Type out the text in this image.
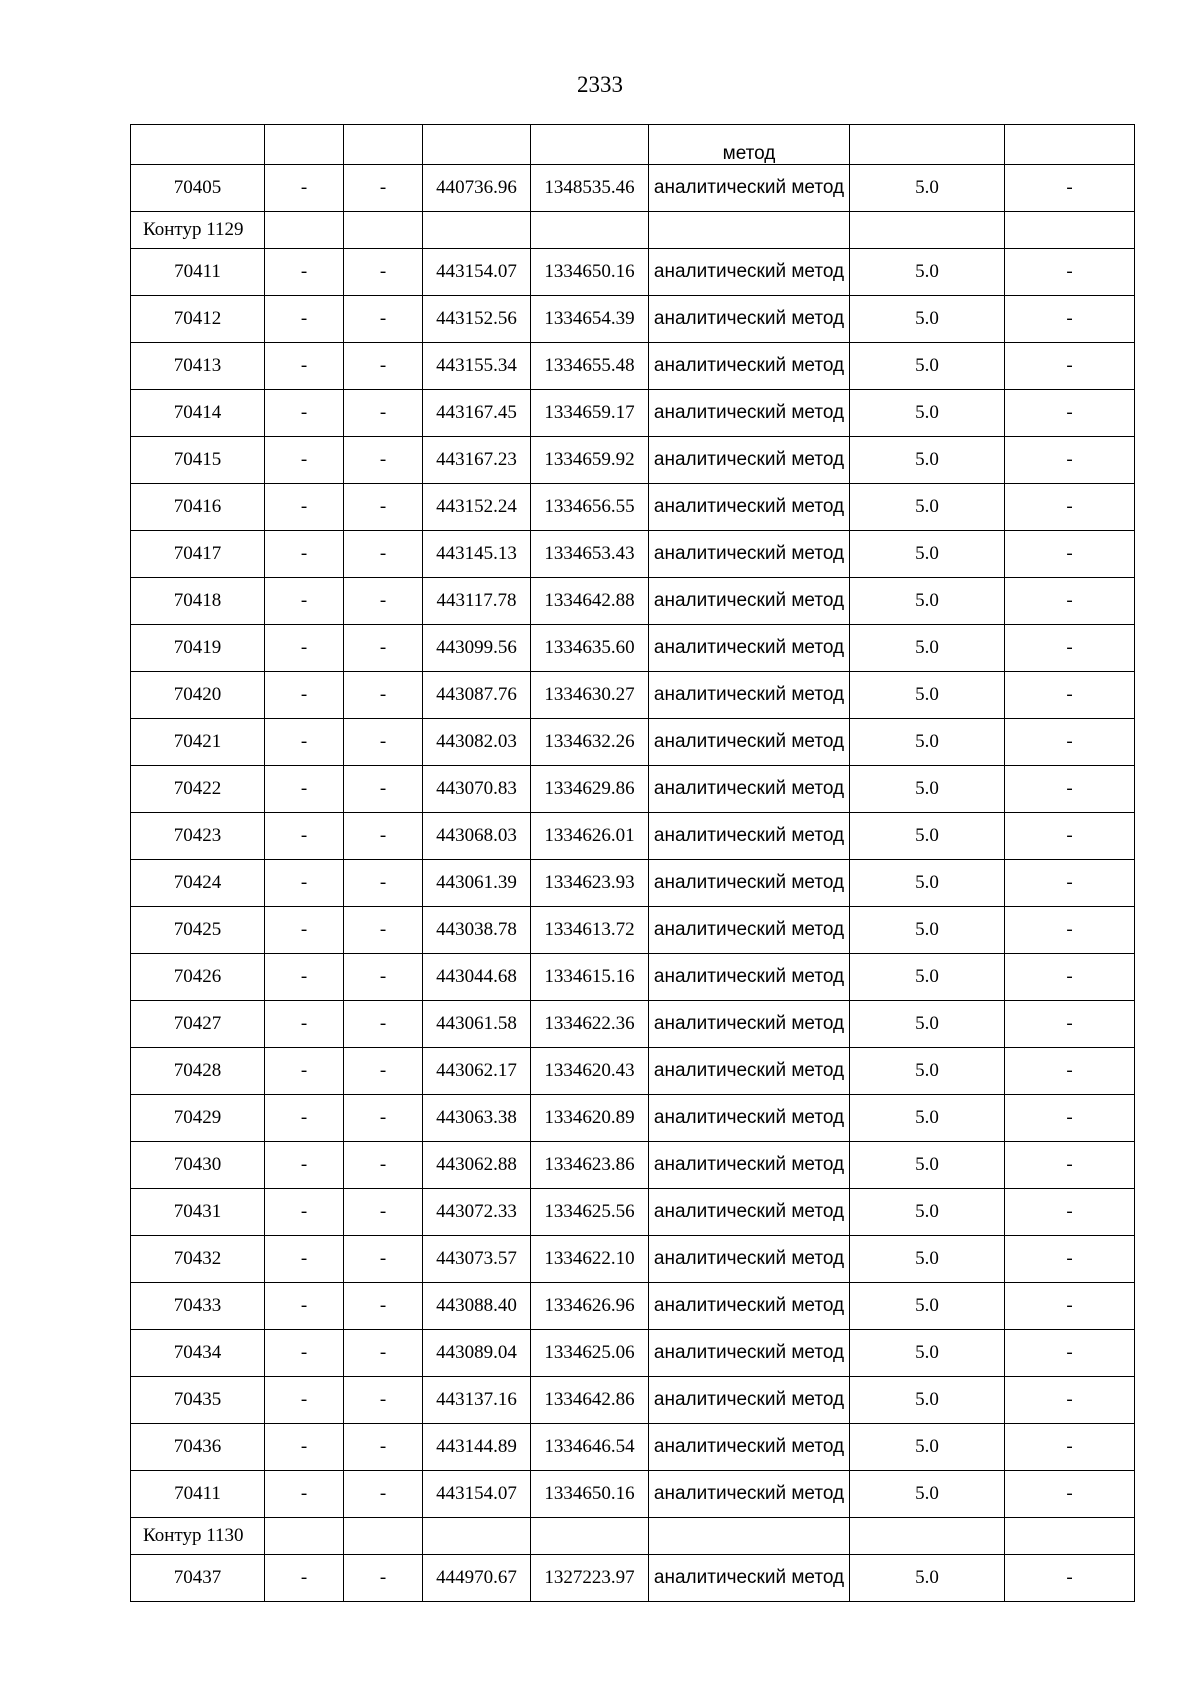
2333
					метод		
70405	-	-	440736.96	1348535.46	аналитический метод	5.0	-
Контур 1129							
70411	-	-	443154.07	1334650.16	аналитический метод	5.0	-
70412	-	-	443152.56	1334654.39	аналитический метод	5.0	-
70413	-	-	443155.34	1334655.48	аналитический метод	5.0	-
70414	-	-	443167.45	1334659.17	аналитический метод	5.0	-
70415	-	-	443167.23	1334659.92	аналитический метод	5.0	-
70416	-	-	443152.24	1334656.55	аналитический метод	5.0	-
70417	-	-	443145.13	1334653.43	аналитический метод	5.0	-
70418	-	-	443117.78	1334642.88	аналитический метод	5.0	-
70419	-	-	443099.56	1334635.60	аналитический метод	5.0	-
70420	-	-	443087.76	1334630.27	аналитический метод	5.0	-
70421	-	-	443082.03	1334632.26	аналитический метод	5.0	-
70422	-	-	443070.83	1334629.86	аналитический метод	5.0	-
70423	-	-	443068.03	1334626.01	аналитический метод	5.0	-
70424	-	-	443061.39	1334623.93	аналитический метод	5.0	-
70425	-	-	443038.78	1334613.72	аналитический метод	5.0	-
70426	-	-	443044.68	1334615.16	аналитический метод	5.0	-
70427	-	-	443061.58	1334622.36	аналитический метод	5.0	-
70428	-	-	443062.17	1334620.43	аналитический метод	5.0	-
70429	-	-	443063.38	1334620.89	аналитический метод	5.0	-
70430	-	-	443062.88	1334623.86	аналитический метод	5.0	-
70431	-	-	443072.33	1334625.56	аналитический метод	5.0	-
70432	-	-	443073.57	1334622.10	аналитический метод	5.0	-
70433	-	-	443088.40	1334626.96	аналитический метод	5.0	-
70434	-	-	443089.04	1334625.06	аналитический метод	5.0	-
70435	-	-	443137.16	1334642.86	аналитический метод	5.0	-
70436	-	-	443144.89	1334646.54	аналитический метод	5.0	-
70411	-	-	443154.07	1334650.16	аналитический метод	5.0	-
Контур 1130							
70437	-	-	444970.67	1327223.97	аналитический метод	5.0	-
